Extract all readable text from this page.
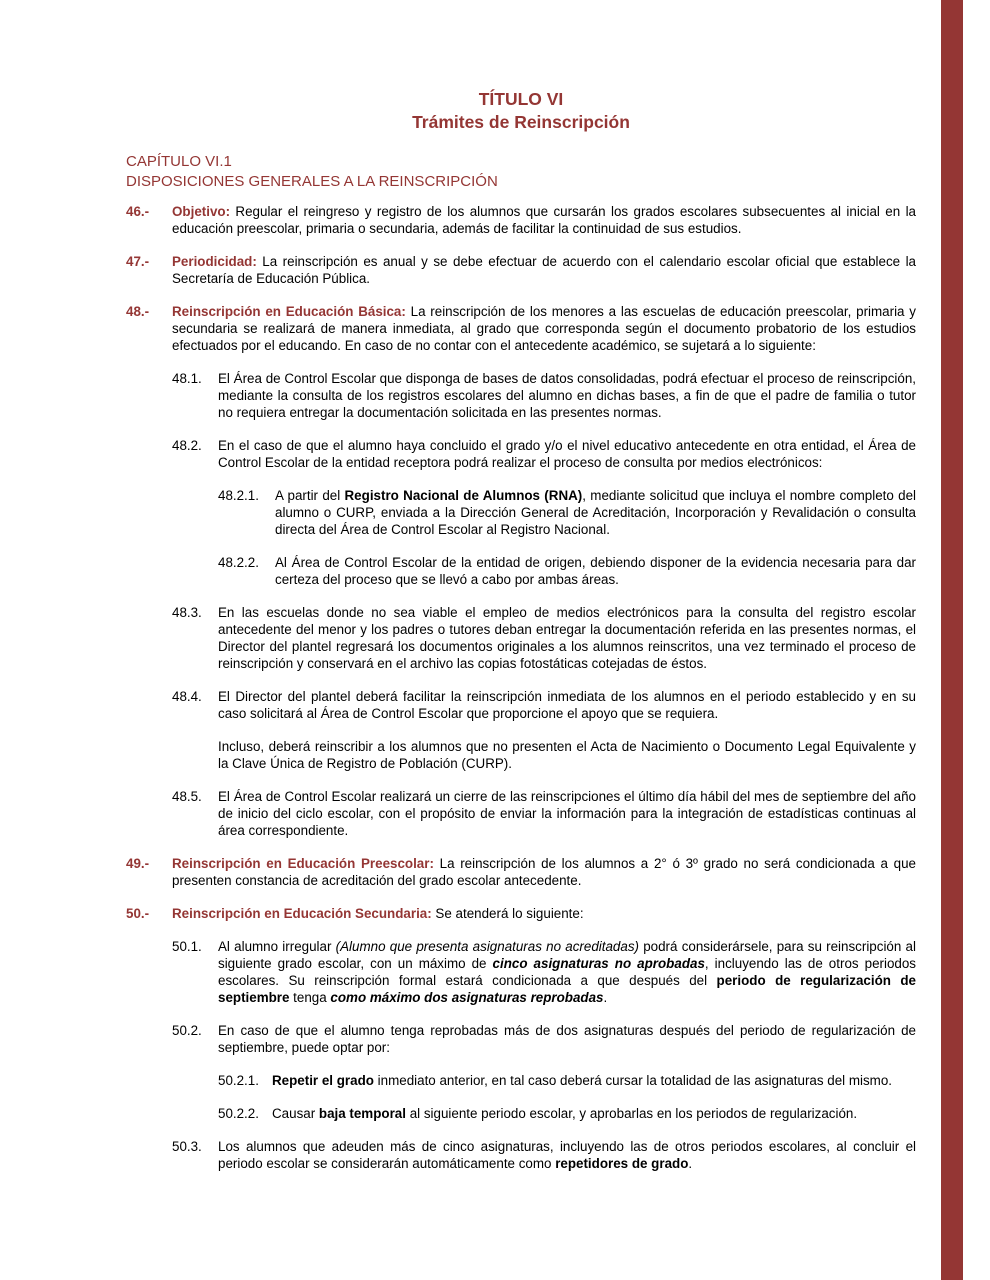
TÍTULO VI
Trámites de Reinscripción
CAPÍTULO VI.1
DISPOSICIONES GENERALES A LA REINSCRIPCIÓN
46.- Objetivo: Regular el reingreso y registro de los alumnos que cursarán los grados escolares subsecuentes al inicial en la educación preescolar, primaria o secundaria, además de facilitar la continuidad de sus estudios.
47.- Periodicidad: La reinscripción es anual y se debe efectuar de acuerdo con el calendario escolar oficial que establece la Secretaría de Educación Pública.
48.- Reinscripción en Educación Básica: La reinscripción de los menores a las escuelas de educación preescolar, primaria y secundaria se realizará de manera inmediata, al grado que corresponda según el documento probatorio de los estudios efectuados por el educando. En caso de no contar con el antecedente académico, se sujetará a lo siguiente:
48.1. El Área de Control Escolar que disponga de bases de datos consolidadas, podrá efectuar el proceso de reinscripción, mediante la consulta de los registros escolares del alumno en dichas bases, a fin de que el padre de familia o tutor no requiera entregar la documentación solicitada en las presentes normas.
48.2. En el caso de que el alumno haya concluido el grado y/o el nivel educativo antecedente en otra entidad, el Área de Control Escolar de la entidad receptora podrá realizar el proceso de consulta por medios electrónicos:
48.2.1. A partir del Registro Nacional de Alumnos (RNA), mediante solicitud que incluya el nombre completo del alumno o CURP, enviada a la Dirección General de Acreditación, Incorporación y Revalidación o consulta directa del Área de Control Escolar al Registro Nacional.
48.2.2. Al Área de Control Escolar de la entidad de origen, debiendo disponer de la evidencia necesaria para dar certeza del proceso que se llevó a cabo por ambas áreas.
48.3. En las escuelas donde no sea viable el empleo de medios electrónicos para la consulta del registro escolar antecedente del menor y los padres o tutores deban entregar la documentación referida en las presentes normas, el Director del plantel regresará los documentos originales a los alumnos reinscritos, una vez terminado el proceso de reinscripción y conservará en el archivo las copias fotostáticas cotejadas de éstos.
48.4. El Director del plantel deberá facilitar la reinscripción inmediata de los alumnos en el periodo establecido y en su caso solicitará al Área de Control Escolar que proporcione el apoyo que se requiera.
Incluso, deberá reinscribir a los alumnos que no presenten el Acta de Nacimiento o Documento Legal Equivalente y la Clave Única de Registro de Población (CURP).
48.5. El Área de Control Escolar realizará un cierre de las reinscripciones el último día hábil del mes de septiembre del año de inicio del ciclo escolar, con el propósito de enviar la información para la integración de estadísticas continuas al área correspondiente.
49.- Reinscripción en Educación Preescolar: La reinscripción de los alumnos a 2° ó 3º grado no será condicionada a que presenten constancia de acreditación del grado escolar antecedente.
50.- Reinscripción en Educación Secundaria: Se atenderá lo siguiente:
50.1. Al alumno irregular (Alumno que presenta asignaturas no acreditadas) podrá considerársele, para su reinscripción al siguiente grado escolar, con un máximo de cinco asignaturas no aprobadas, incluyendo las de otros periodos escolares. Su reinscripción formal estará condicionada a que después del periodo de regularización de septiembre tenga como máximo dos asignaturas reprobadas.
50.2. En caso de que el alumno tenga reprobadas más de dos asignaturas después del periodo de regularización de septiembre, puede optar por:
50.2.1. Repetir el grado inmediato anterior, en tal caso deberá cursar la totalidad de las asignaturas del mismo.
50.2.2. Causar baja temporal al siguiente periodo escolar, y aprobarlas en los periodos de regularización.
50.3. Los alumnos que adeuden más de cinco asignaturas, incluyendo las de otros periodos escolares, al concluir el periodo escolar se considerarán automáticamente como repetidores de grado.
